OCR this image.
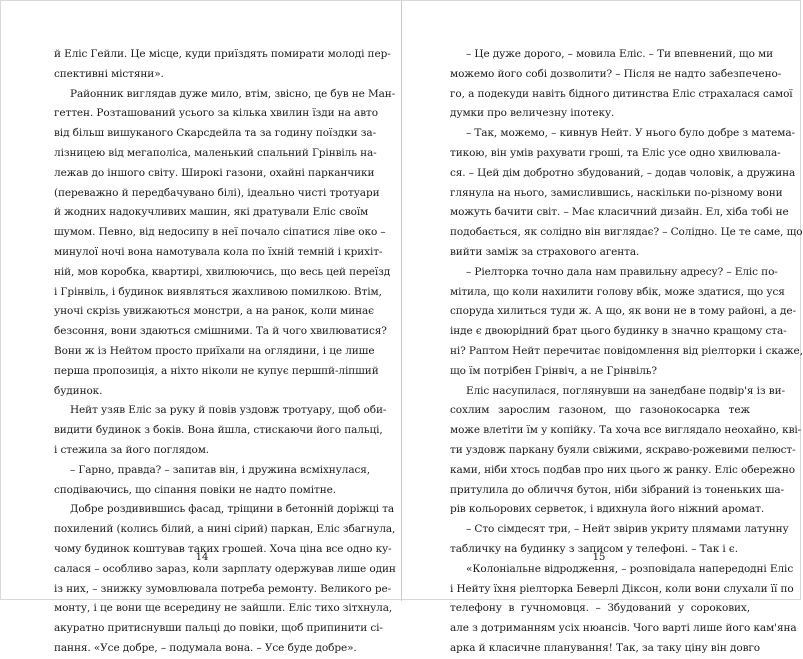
й Еліс Гейли. Це місце, куди приїздять помирати молоді пер-
спективні містяни».
Районник виглядав дуже мило, втім, звісно, це був не Ман-
геттен. Розташований усього за кілька хвилин їзди на авто
від більш вишуканого Скарсдейла та за годину поїздки за-
лізницею від мегаполіса, маленький спальний Грінвіль на-
лежав до іншого світу. Широкі газони, охайні парканчики
(переважно й передбачувано білі), ідеально чисті тротуари
й жодних надокучливих машин, які дратували Еліс своїм
шумом. Певно, від недосипу в неї почало сіпатися ліве око –
минулої ночі вона намотувала кола по їхній темній і крихіт-
ній, мов коробка, квартирі, хвилюючись, що весь цей переїзд
і Грінвіль, і будинок виявляться жахливою помилкою. Втім,
уночі скрізь увижаються монстри, а на ранок, коли минає
безсоння, вони здаються смішними. Та й чого хвилюватися?
Вони ж із Нейтом просто приїхали на оглядини, і це лише
перша пропозиція, а ніхто ніколи не купує першпй-ліпший
будинок.
Нейт узяв Еліс за руку й повів уздовж тротуару, щоб оби-
видити будинок з боків. Вона йшла, стискаючи його пальці,
і стежила за його поглядом.
– Гарно, правда? – запитав він, і дружина всміхнулася,
сподіваючись, що сіпання повіки не надто помітне.
Добре роздивившись фасад, тріщини в бетонній доріжці та
похилений (колись білий, а нині сірий) паркан, Еліс збагнула,
чому будинок коштував таких грошей. Хоча ціна все одно ку-
салася – особливо зараз, коли зарплату одержував лише один
із них, – знижку зумовлювала потреба ремонту. Великого ре-
монту, і це вони ще всередину не зайшли. Еліс тихо зітхнула,
акуратно притиснувши пальці до повіки, щоб припинити сі-
пання. «Усе добре, – подумала вона. – Усе буде добре».
– Це дуже дорого, – мовила Еліс. – Ти впевнений, що ми
можемо його собі дозволити? – Після не надто забезпечено-
го, а подекуди навіть бідного дитинства Еліс страхалася самої
думки про величезну іпотеку.
– Так, можемо, – кивнув Нейт. У нього було добре з матема-
тикою, він умів рахувати гроші, та Еліс усе одно хвилювала-
ся. – Цей дім добротно збудований, – додав чоловік, а дружина
глянула на нього, замислившись, наскільки по-різному вони
можуть бачити світ. – Має класичний дизайн. Ел, хіба тобі не
подобається, як солідно він виглядає? – Солідно. Це те саме, що
вийти заміж за страхового агента.
– Ріелторка точно дала нам правильну адресу? – Еліс по-
мітила, що коли нахилити голову вбік, може здатися, що уся
споруда хилиться туди ж. А що, як вони не в тому районі, а де-
інде є двоюрідний брат цього будинку в значно кращому ста-
ні? Раптом Нейт перечитає повідомлення від ріелторки і скаже,
що їм потрібен Грінвіч, а не Грінвіль?
Еліс насупилася, поглянувши на занедбане подвір'я із ви-
сохлим зарослим газоном, що газонокосарка теж
може влетіти їм у копійку. Та хоча все виглядало неохайно, кві-
ти уздовж паркану буяли свіжими, яскраво-рожевими пелюст-
ками, ніби хтось подбав про них цього ж ранку. Еліс обережно
притулила до обличчя бутон, ніби зібраний із тоненьких ша-
рів кольорових серветок, і вдихнула його ніжний аромат.
– Сто сімдесят три, – Нейт звірив укриту плямами латунну
табличку на будинку з записом у телефоні. – Так і є.
«Колоніальне відродження, – розповідала напередодні Еліс
і Нейту їхня ріелторка Беверлі Діксон, коли вони слухали її по
телефону в гучномовця. – Збудований у сорокових,
але з дотриманням усіх нюансів. Чого варті лише його кам'яна
арка й класичне планування! Так, за таку ціну він довго
14	15
